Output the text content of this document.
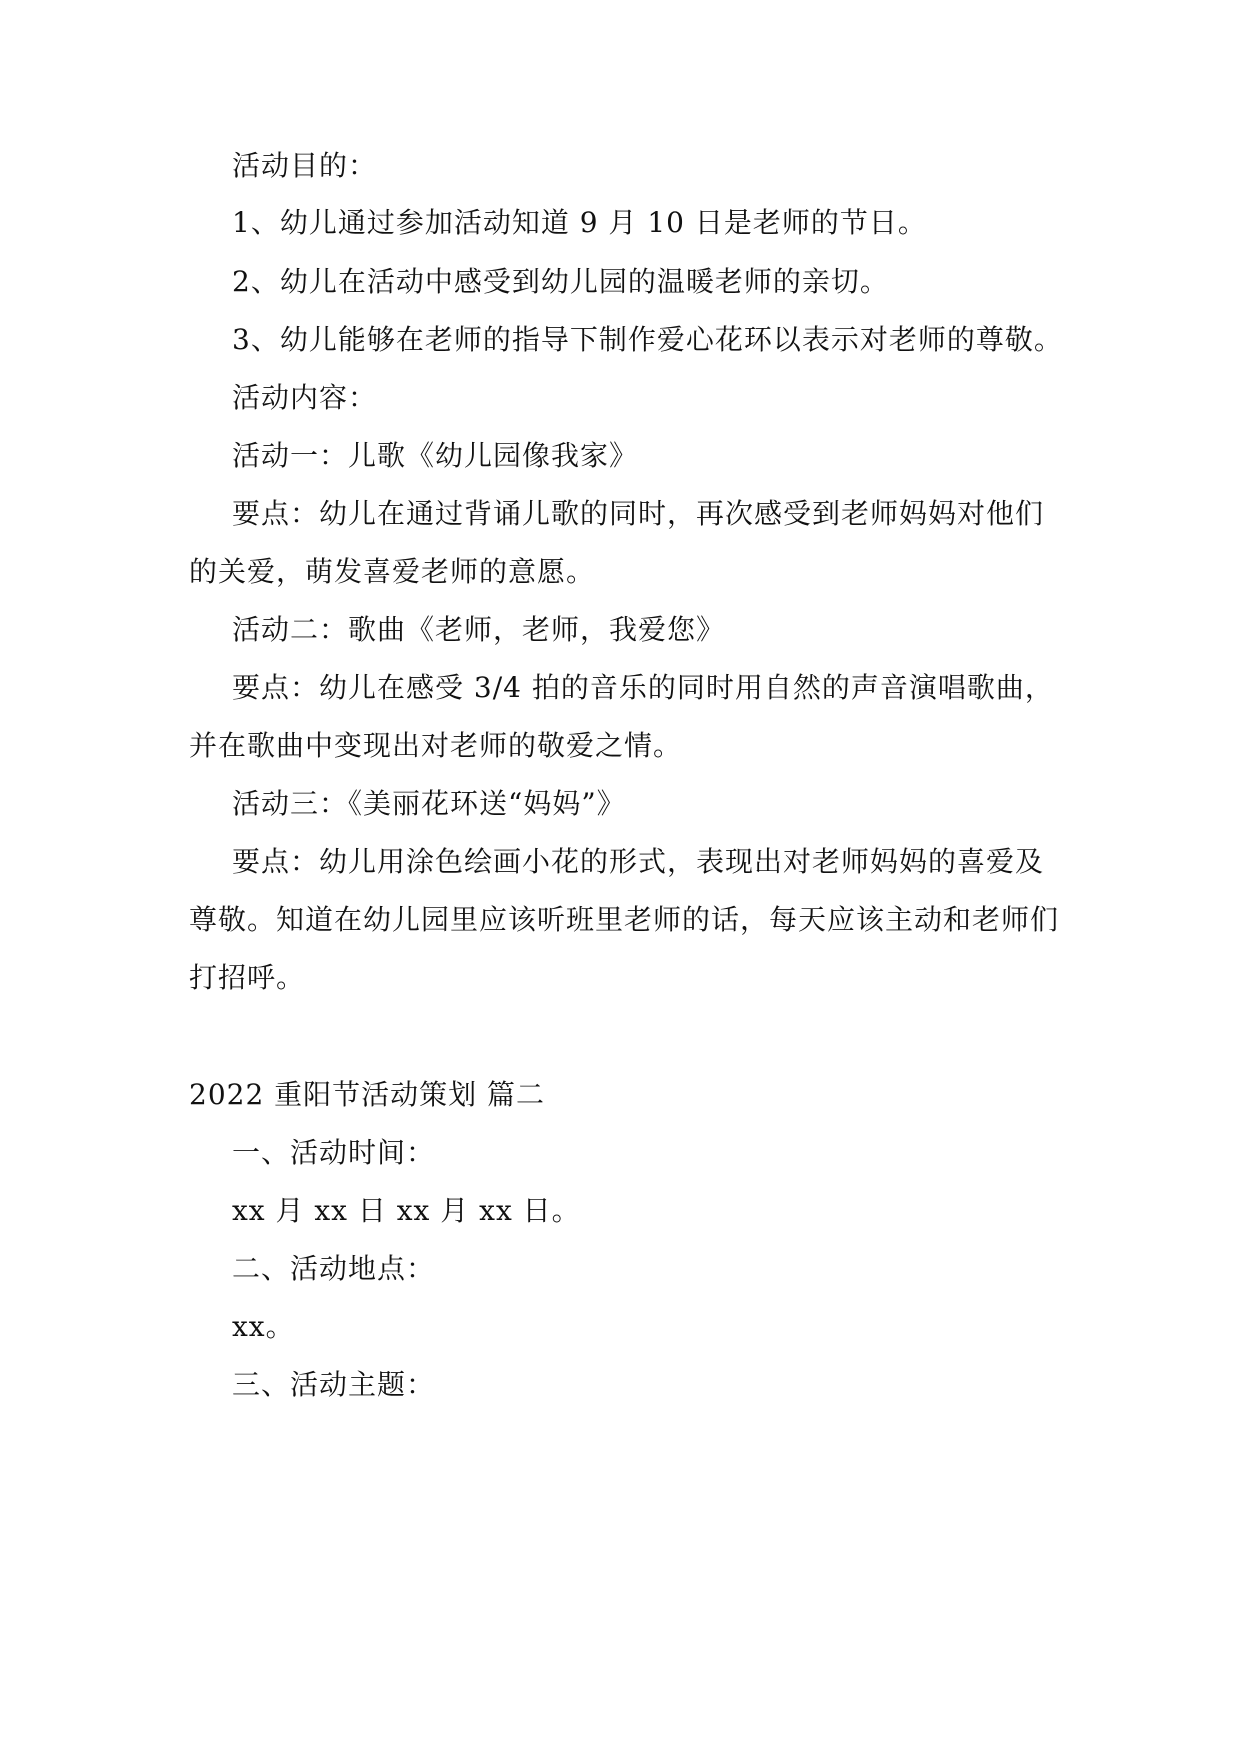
活动目的：
1、幼儿通过参加活动知道 9 月 10 日是老师的节日。
2、幼儿在活动中感受到幼儿园的温暖老师的亲切。
3、幼儿能够在老师的指导下制作爱心花环以表示对老师的尊敬。
活动内容：
活动一：儿歌《幼儿园像我家》
要点：幼儿在通过背诵儿歌的同时，再次感受到老师妈妈对他们
的关爱，萌发喜爱老师的意愿。
活动二：歌曲《老师，老师，我爱您》
要点：幼儿在感受 3/4 拍的音乐的同时用自然的声音演唱歌曲，
并在歌曲中变现出对老师的敬爱之情。
活动三：《美丽花环送“妈妈”》
要点：幼儿用涂色绘画小花的形式，表现出对老师妈妈的喜爱及
尊敬。知道在幼儿园里应该听班里老师的话，每天应该主动和老师们
打招呼。
2022 重阳节活动策划 篇二
一、活动时间：
xx 月 xx 日 xx 月 xx 日。
二、活动地点：
xx。
三、活动主题：
